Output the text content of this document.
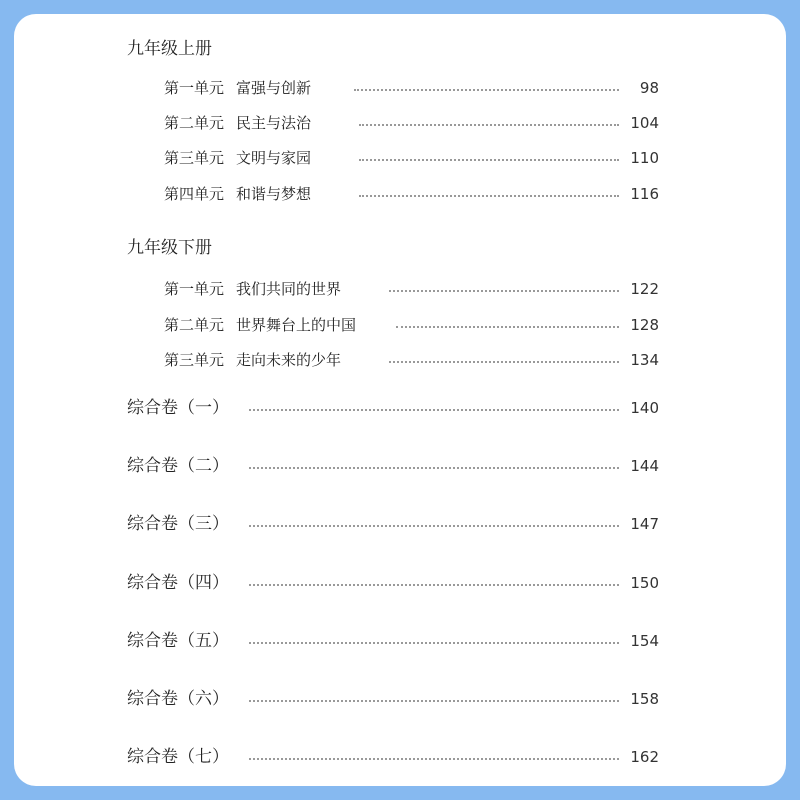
九年级上册
第一单元 富强与创新	98
第二单元 民主与法治	104
第三单元 文明与家园	110
第四单元 和谐与梦想	116
九年级下册
第一单元 我们共同的世界	122
第二单元 世界舞台上的中国	128
第三单元 走向未来的少年	134
综合卷（一）	140
综合卷（二）	144
综合卷（三）	147
综合卷（四）	150
综合卷（五）	154
综合卷（六）	158
综合卷（七）	162
